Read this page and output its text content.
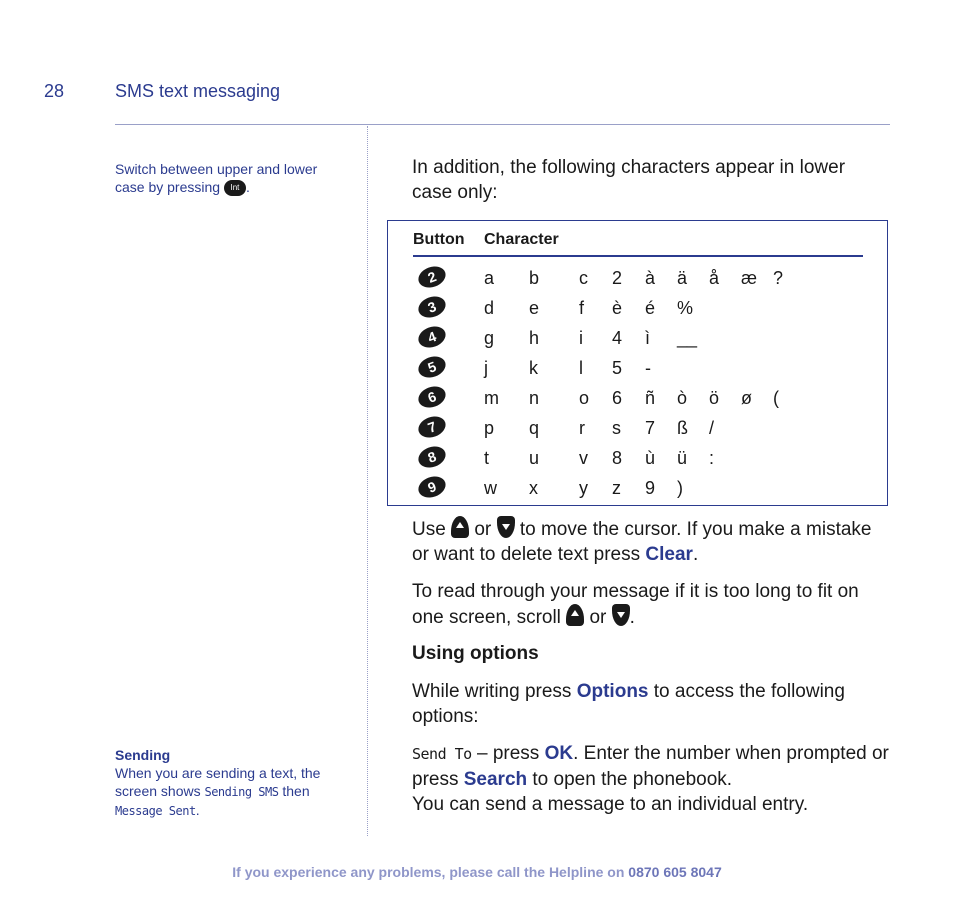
28	SMS text messaging
Switch between upper and lower case by pressing Int .
Sending
When you are sending a text, the screen shows Sending SMS then Message Sent.
In addition, the following characters appear in lower case only:
Button Character
2	a b c 2 à ä å æ ?
3	d e f è é %
4	g h i 4 ì __
5	j k l 5 -
6	m n o 6 ñ ò ö ø (
7	p q r s 7 ß /
8	t u v 8 ù ü :
9	w x y z 9 )
Use or to move the cursor. If you make a mistake or want to delete text press Clear.
To read through your message if it is too long to fit on one screen, scroll or .
Using options
While writing press Options to access the following options:
Send To – press OK. Enter the number when prompted or press Search to open the phonebook.
You can send a message to an individual entry.
If you experience any problems, please call the Helpline on 0870 605 8047
